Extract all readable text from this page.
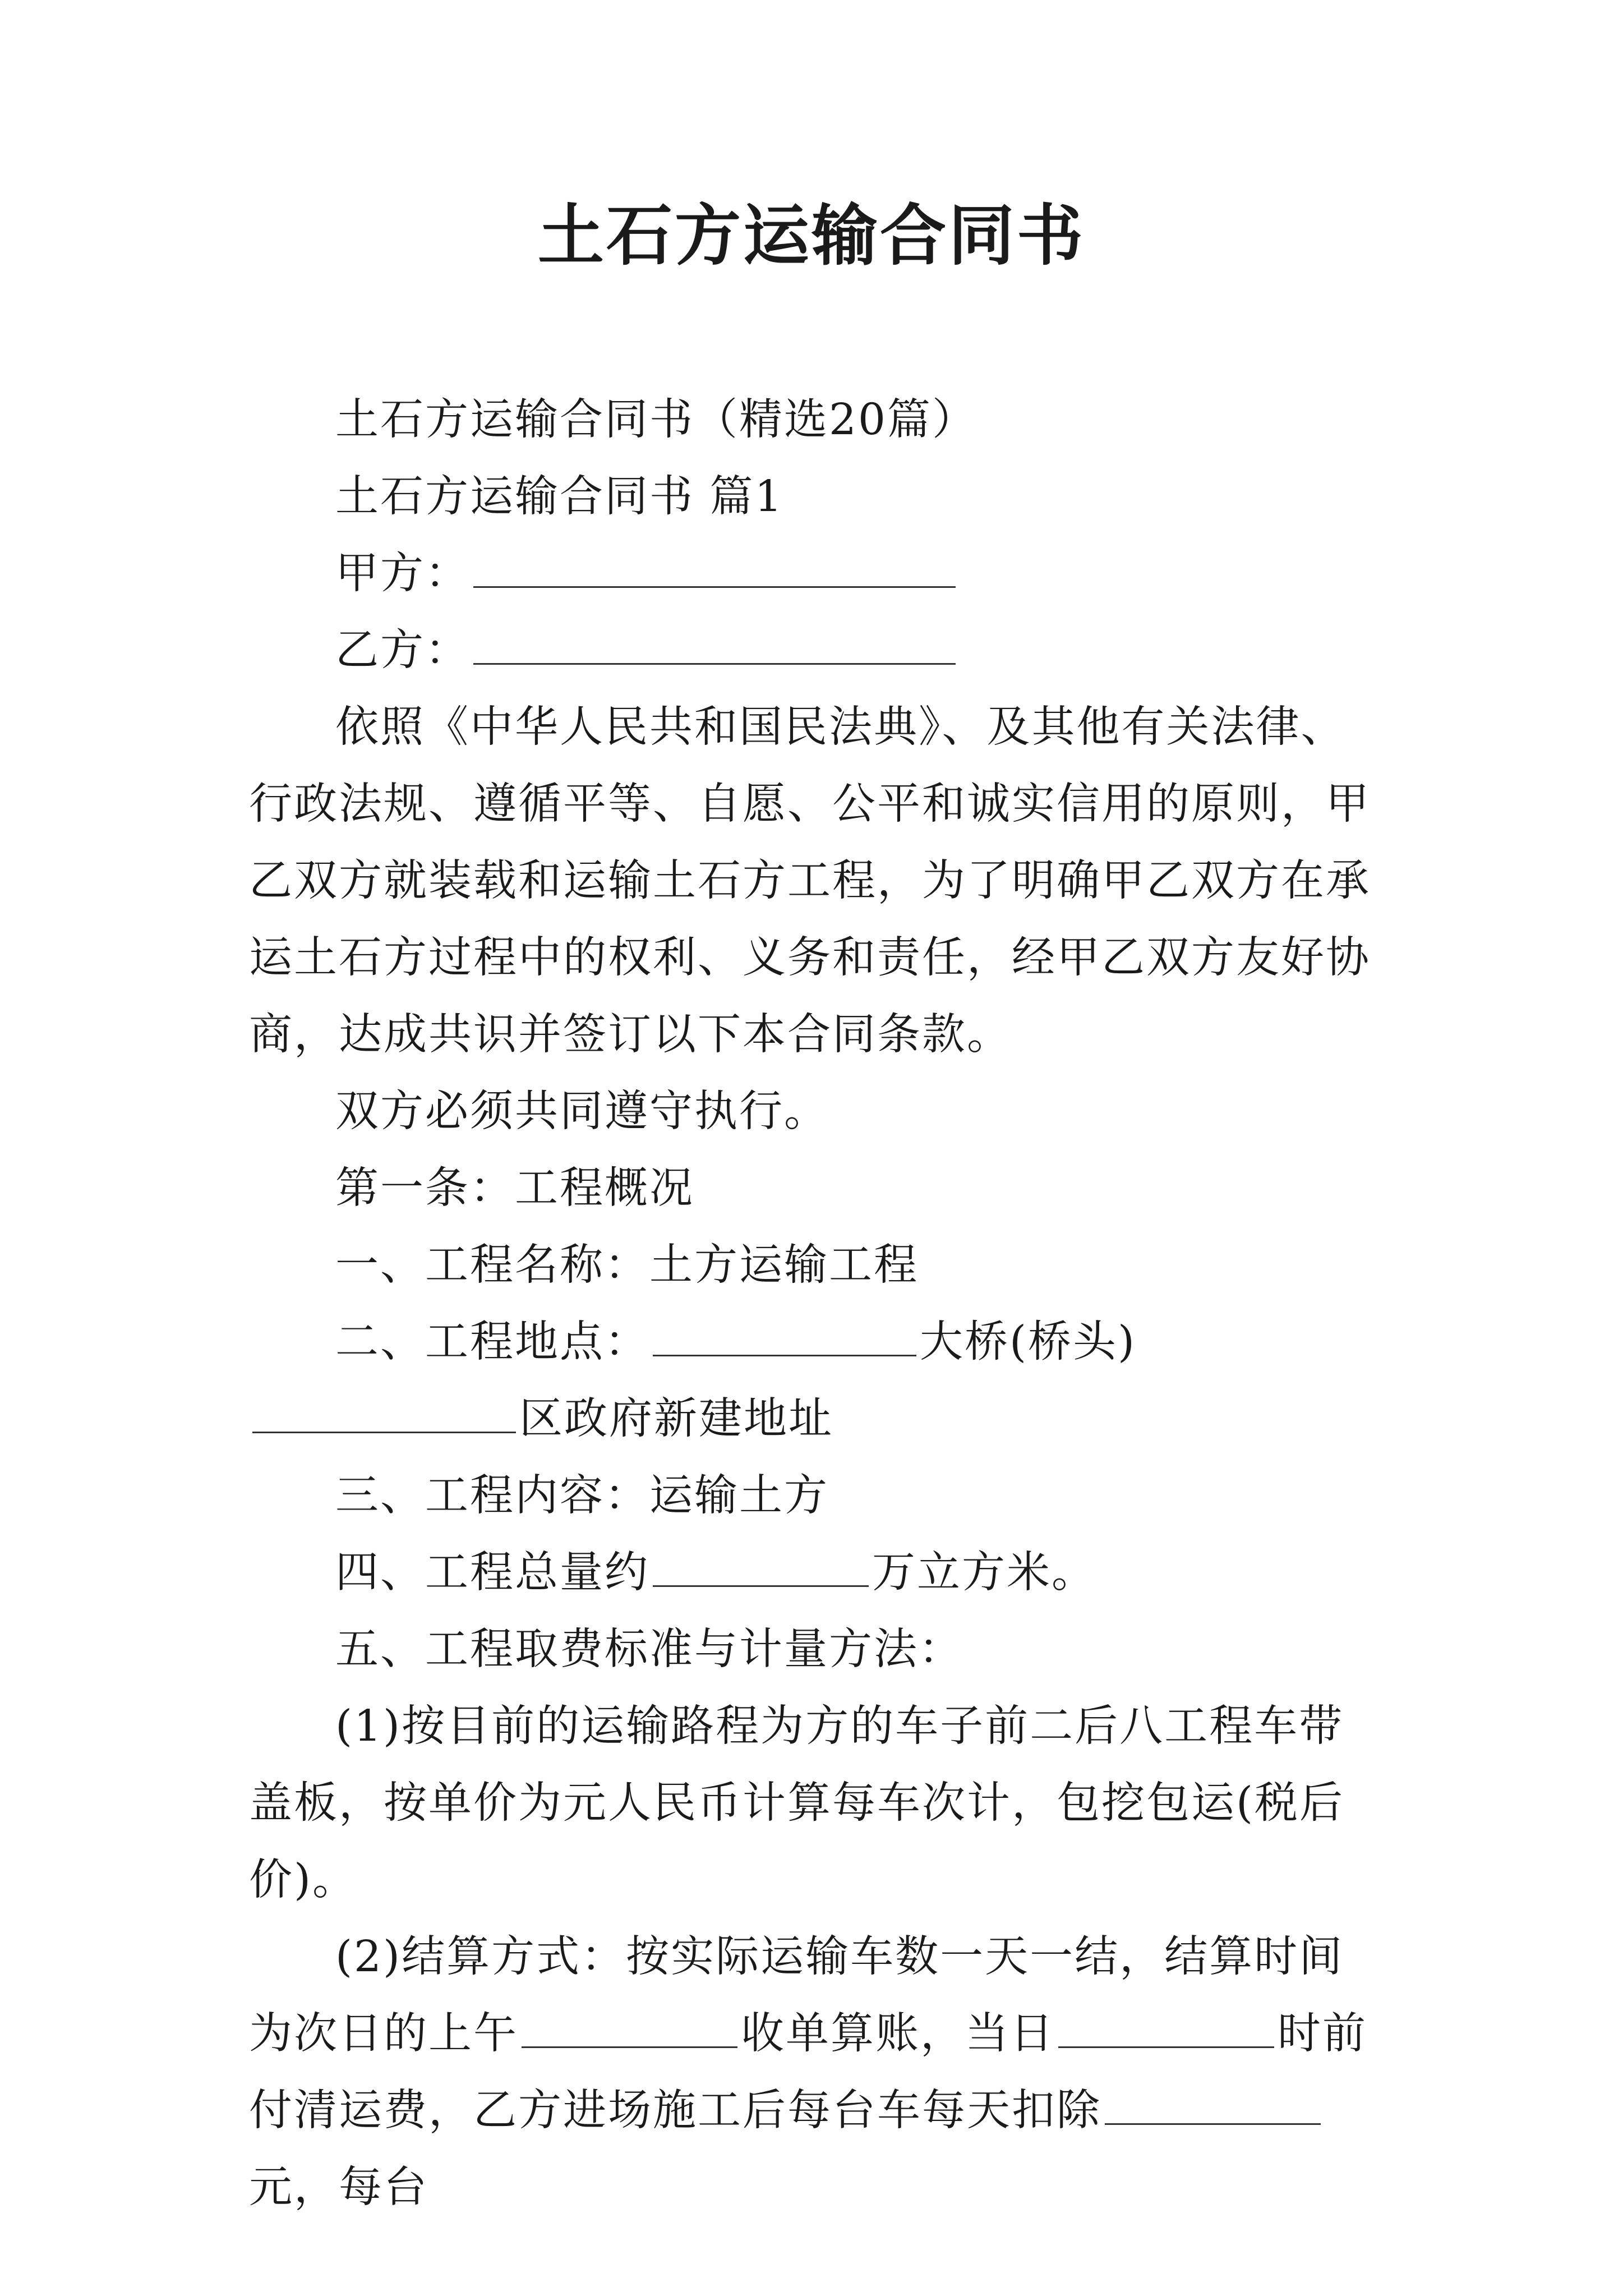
土石方运输合同书

土石方运输合同书（精选20篇）

土石方运输合同书 篇1

甲方：

乙方：

依照《中华人民共和国民法典》、及其他有关法律、行政法规、遵循平等、自愿、公平和诚实信用的原则，甲乙双方就装载和运输土石方工程，为了明确甲乙双方在承运土石方过程中的权利、义务和责任，经甲乙双方友好协商，达成共识并签订以下本合同条款。

双方必须共同遵守执行。

第一条：工程概况

一、工程名称：土方运输工程

二、工程地点：	大桥(桥头)区政府新建地址

三、工程内容：运输土方

四、工程总量约	万立方米。

五、工程取费标准与计量方法：

(1)按目前的运输路程为方的车子前二后八工程车带盖板，按单价为元人民币计算每车次计，包挖包运(税后价)。

(2)结算方式：按实际运输车数一天一结，结算时间为次日的上午	收单算账，当日	时前付清运费，乙方进场施工后每台车每天扣除元，每台
